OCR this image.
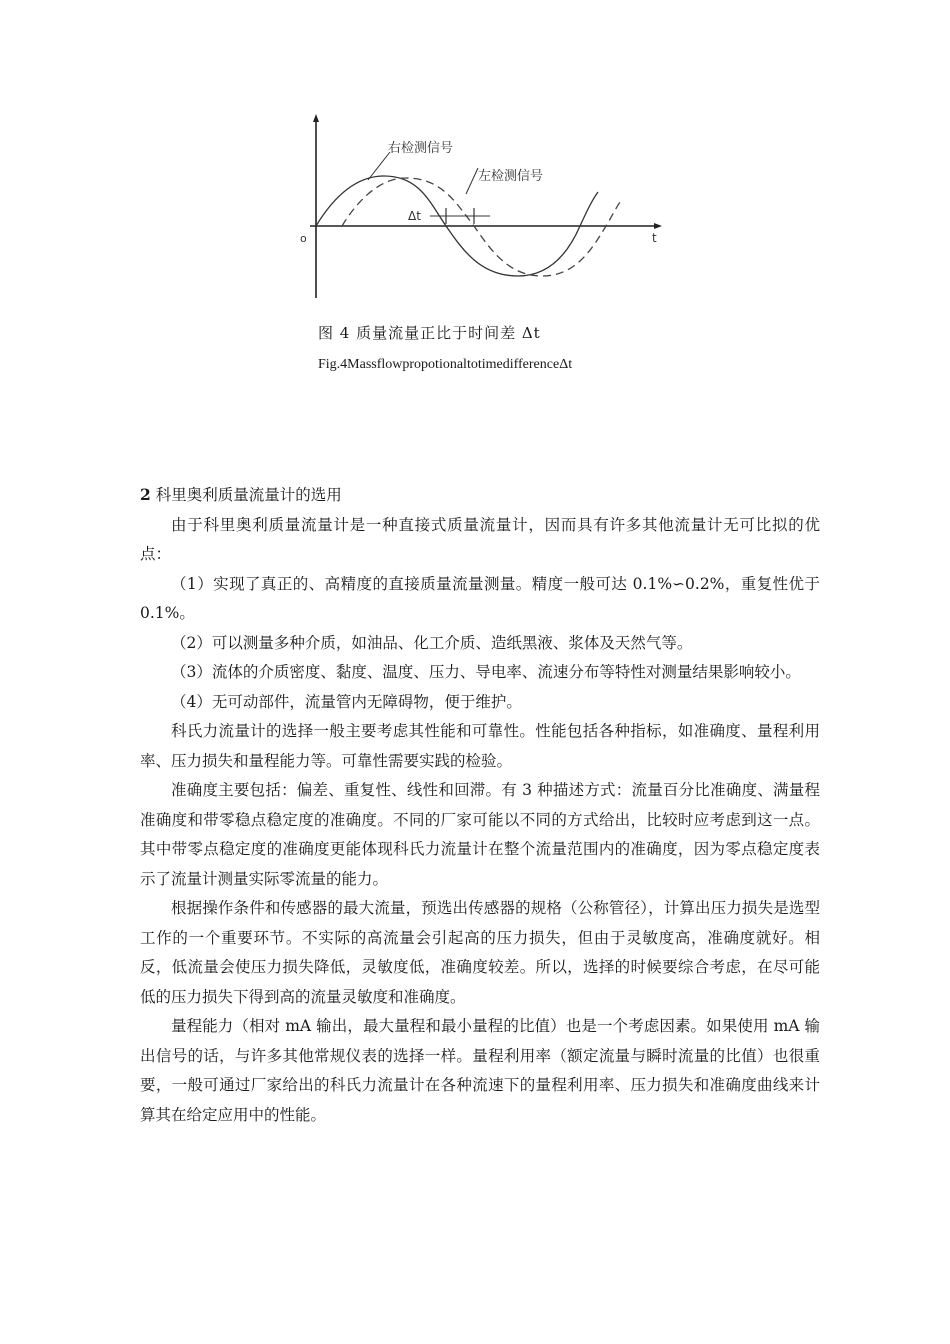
右检测信号
左检测信号
Δt
o	t
图 4 质量流量正比于时间差 Δt
Fig.4MassflowpropotionaltotimedifferenceΔt

2 科里奥利质量流量计的选用

由于科里奥利质量流量计是一种直接式质量流量计，因而具有许多其他流量计无可比拟的优点：

（1）实现了真正的、高精度的直接质量流量测量。精度一般可达 0.1%∽0.2%，重复性优于 0.1%。

（2）可以测量多种介质，如油品、化工介质、造纸黑液、浆体及天然气等。

（3）流体的介质密度、黏度、温度、压力、导电率、流速分布等特性对测量结果影响较小。

（4）无可动部件，流量管内无障碍物，便于维护。

科氏力流量计的选择一般主要考虑其性能和可靠性。性能包括各种指标，如准确度、量程利用率、压力损失和量程能力等。可靠性需要实践的检验。

准确度主要包括：偏差、重复性、线性和回滞。有 3 种描述方式：流量百分比准确度、满量程准确度和带零稳点稳定度的准确度。不同的厂家可能以不同的方式给出，比较时应考虑到这一点。其中带零点稳定度的准确度更能体现科氏力流量计在整个流量范围内的准确度，因为零点稳定度表示了流量计测量实际零流量的能力。

根据操作条件和传感器的最大流量，预选出传感器的规格（公称管径），计算出压力损失是选型工作的一个重要环节。不实际的高流量会引起高的压力损失，但由于灵敏度高，准确度就好。相反，低流量会使压力损失降低，灵敏度低，准确度较差。所以，选择的时候要综合考虑，在尽可能低的压力损失下得到高的流量灵敏度和准确度。

量程能力（相对 mA 输出，最大量程和最小量程的比值）也是一个考虑因素。如果使用 mA 输出信号的话，与许多其他常规仪表的选择一样。量程利用率（额定流量与瞬时流量的比值）也很重要，一般可通过厂家给出的科氏力流量计在各种流速下的量程利用率、压力损失和准确度曲线来计算其在给定应用中的性能。
